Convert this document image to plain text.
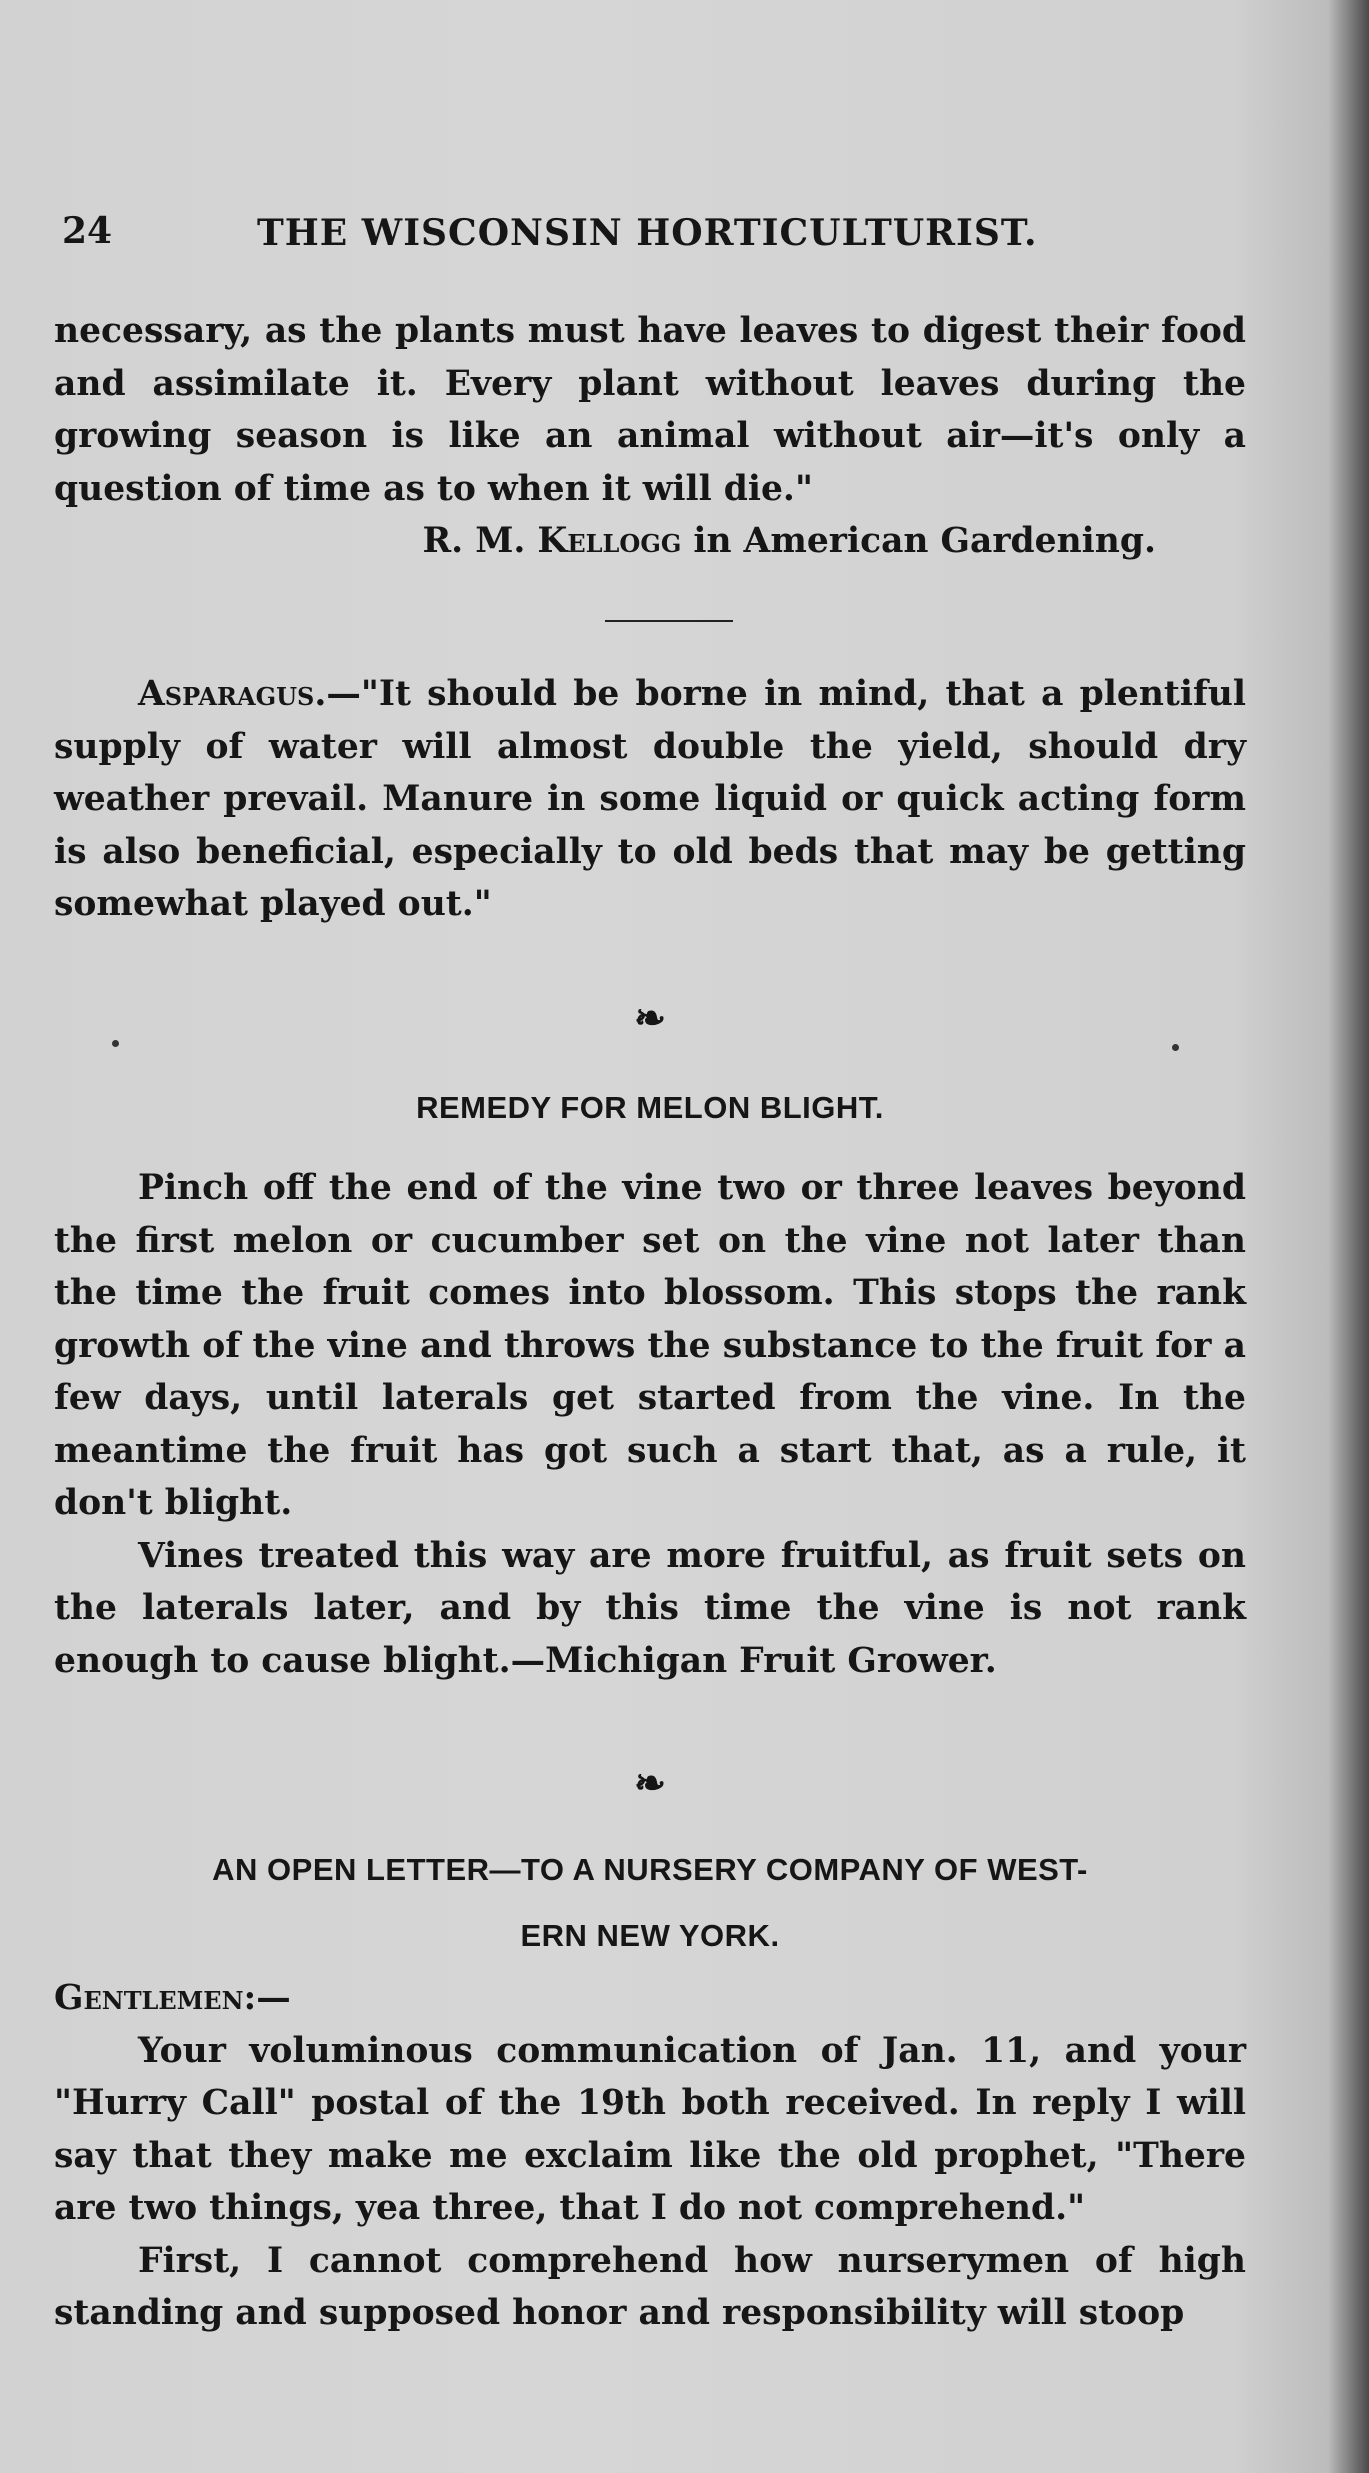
24	THE WISCONSIN HORTICULTURIST.
necessary, as the plants must have leaves to digest their food and assimilate it. Every plant without leaves during the growing season is like an animal without air—it's only a question of time as to when it will die."
R. M. Kellogg in American Gardening.
Asparagus.—"It should be borne in mind, that a plentiful supply of water will almost double the yield, should dry weather prevail. Manure in some liquid or quick acting form is also beneficial, especially to old beds that may be getting somewhat played out."
❧
REMEDY FOR MELON BLIGHT.
Pinch off the end of the vine two or three leaves beyond the first melon or cucumber set on the vine not later than the time the fruit comes into blossom. This stops the rank growth of the vine and throws the substance to the fruit for a few days, until laterals get started from the vine. In the meantime the fruit has got such a start that, as a rule, it don't blight.
Vines treated this way are more fruitful, as fruit sets on the laterals later, and by this time the vine is not rank enough to cause blight.—Michigan Fruit Grower.
❧
AN OPEN LETTER—TO A NURSERY COMPANY OF WEST-
ERN NEW YORK.
Gentlemen:—
Your voluminous communication of Jan. 11, and your "Hurry Call" postal of the 19th both received. In reply I will say that they make me exclaim like the old prophet, "There are two things, yea three, that I do not comprehend."
First, I cannot comprehend how nurserymen of high standing and supposed honor and responsibility will stoop
